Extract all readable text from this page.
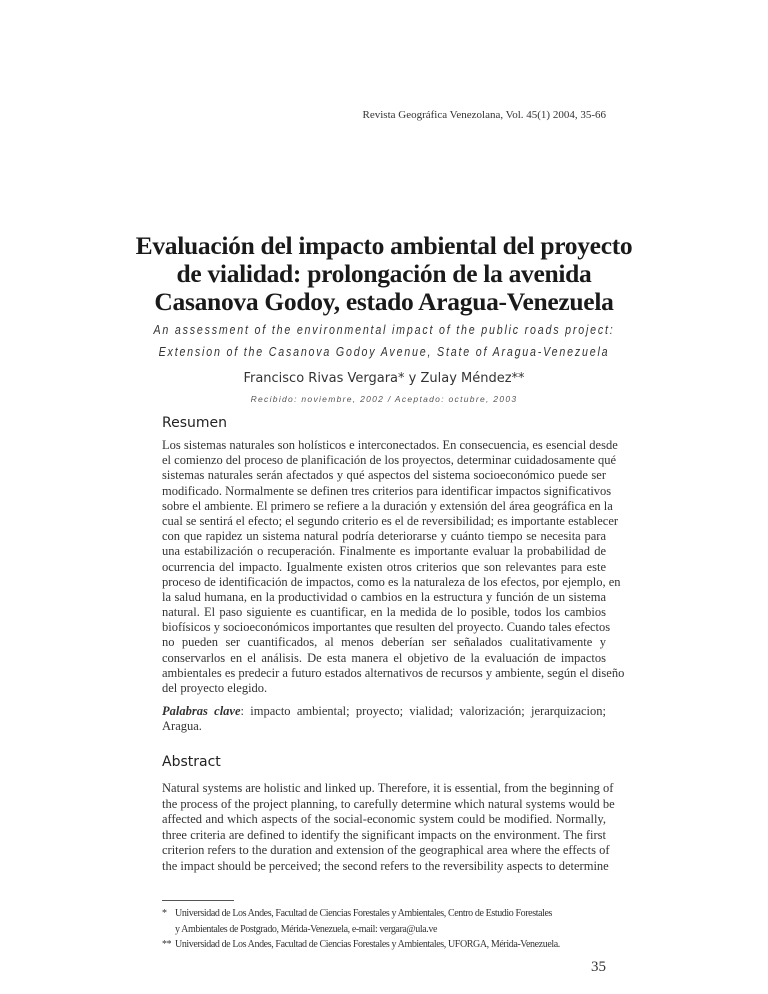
Revista Geográfica Venezolana, Vol. 45(1) 2004, 35-66
Evaluación del impacto ambiental del proyecto
de vialidad: prolongación de la avenida
Casanova Godoy, estado Aragua-Venezuela
An assessment of the environmental impact of the public roads project:
Extension of the Casanova Godoy Avenue, State of Aragua-Venezuela
Francisco Rivas Vergara* y Zulay Méndez**
Recibido: noviembre, 2002 / Aceptado: octubre, 2003
Resumen
Los sistemas naturales son holísticos e interconectados. En consecuencia, es esencial desde
el comienzo del proceso de planificación de los proyectos, determinar cuidadosamente qué
sistemas naturales serán afectados y qué aspectos del sistema socioeconómico puede ser
modificado. Normalmente se definen tres criterios para identificar impactos significativos
sobre el ambiente. El primero se refiere a la duración y extensión del área geográfica en la
cual se sentirá el efecto; el segundo criterio es el de reversibilidad; es importante establecer
con que rapidez un sistema natural podría deteriorarse y cuánto tiempo se necesita para
una estabilización o recuperación. Finalmente es importante evaluar la probabilidad de
ocurrencia del impacto. Igualmente existen otros criterios que son relevantes para este
proceso de identificación de impactos, como es la naturaleza de los efectos, por ejemplo, en
la salud humana, en la productividad o cambios en la estructura y función de un sistema
natural. El paso siguiente es cuantificar, en la medida de lo posible, todos los cambios
biofísicos y socioeconómicos importantes que resulten del proyecto. Cuando tales efectos
no pueden ser cuantificados, al menos deberían ser señalados cualitativamente y
conservarlos en el análisis. De esta manera el objetivo de la evaluación de impactos
ambientales es predecir a futuro estados alternativos de recursos y ambiente, según el diseño
del proyecto elegido.
Palabras clave: impacto ambiental; proyecto; vialidad; valorización; jerarquizacion;
Aragua.
Abstract
Natural systems are holistic and linked up. Therefore, it is essential, from the beginning of
the process of the project planning, to carefully determine which natural systems would be
affected and which aspects of the social-economic system could be modified. Normally,
three criteria are defined to identify the significant impacts on the environment. The first
criterion refers to the duration and extension of the geographical area where the effects of
the impact should be perceived; the second refers to the reversibility aspects to determine
* Universidad de Los Andes, Facultad de Ciencias Forestales y Ambientales, Centro de Estudio Forestales
y Ambientales de Postgrado, Mérida-Venezuela, e-mail: vergara@ula.ve
** Universidad de Los Andes, Facultad de Ciencias Forestales y Ambientales, UFORGA, Mérida-Venezuela.
35
